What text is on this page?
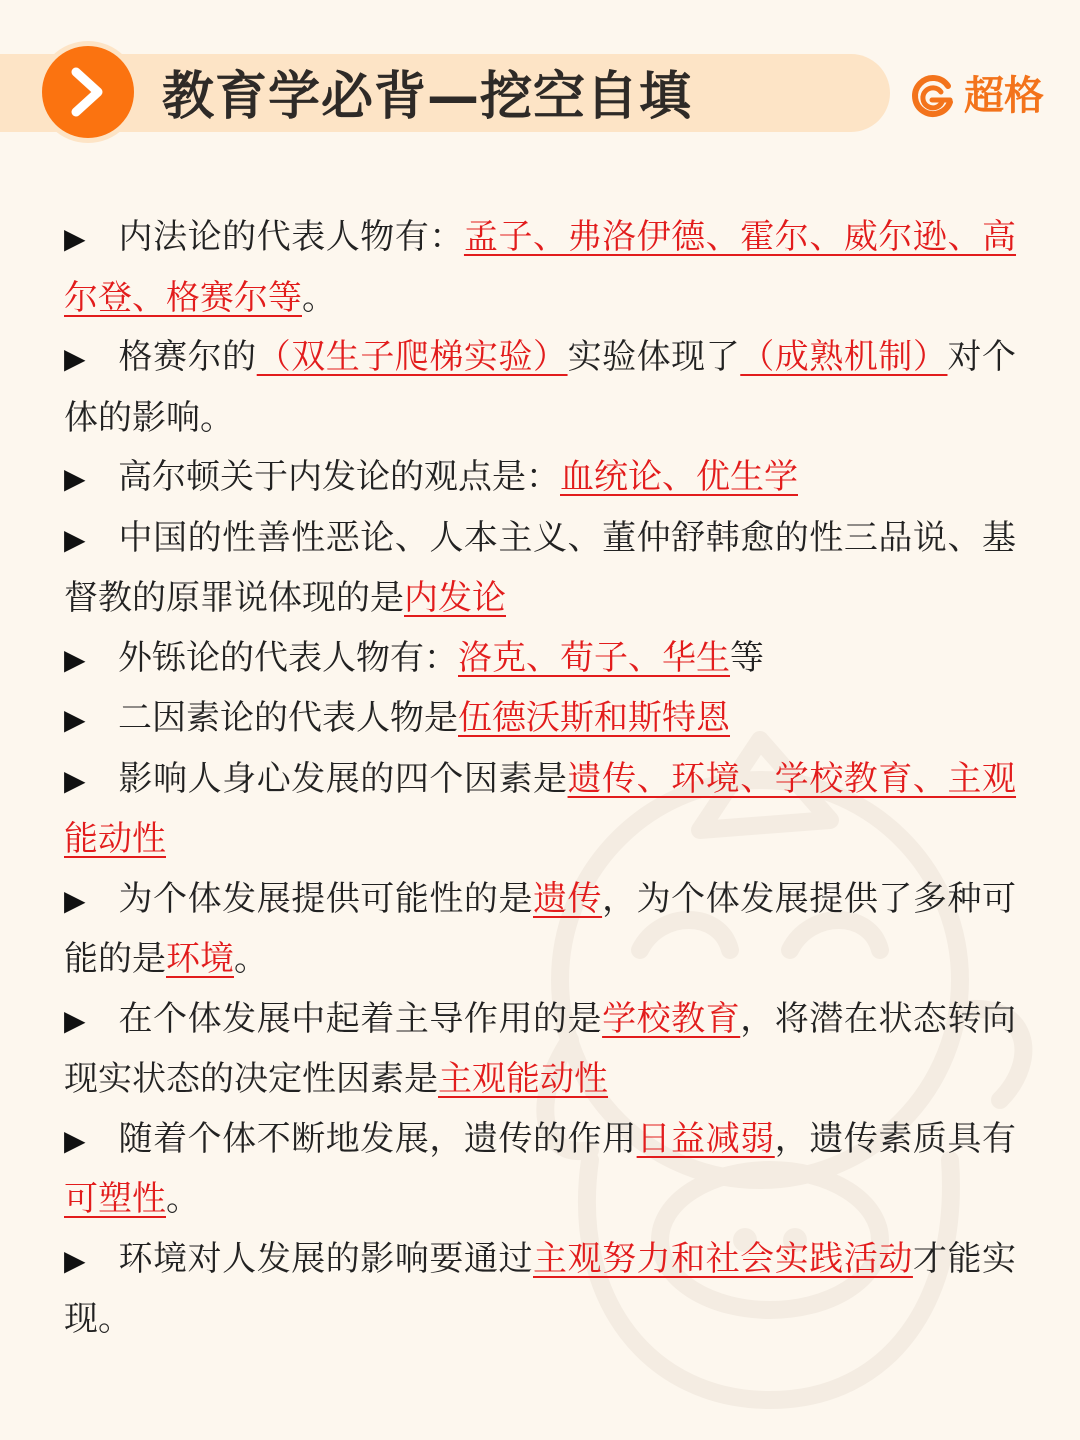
教育学必背—挖空自填	超格

▶ 内法论的代表人物有：孟子、弗洛伊德、霍尔、威尔逊、高尔登、格赛尔等。

▶ 格赛尔的（双生子爬梯实验）实验体现了（成熟机制）对个体的影响。

▶ 高尔顿关于内发论的观点是：血统论、优生学

▶ 中国的性善性恶论、人本主义、董仲舒韩愈的性三品说、基督教的原罪说体现的是内发论

▶ 外铄论的代表人物有：洛克、荀子、华生等

▶ 二因素论的代表人物是伍德沃斯和斯特恩

▶ 影响人身心发展的四个因素是遗传、环境、学校教育、主观能动性

▶ 为个体发展提供可能性的是遗传，为个体发展提供了多种可能的是环境。

▶ 在个体发展中起着主导作用的是学校教育，将潜在状态转向现实状态的决定性因素是主观能动性

▶ 随着个体不断地发展，遗传的作用日益减弱，遗传素质具有可塑性。

▶ 环境对人发展的影响要通过主观努力和社会实践活动才能实现。
